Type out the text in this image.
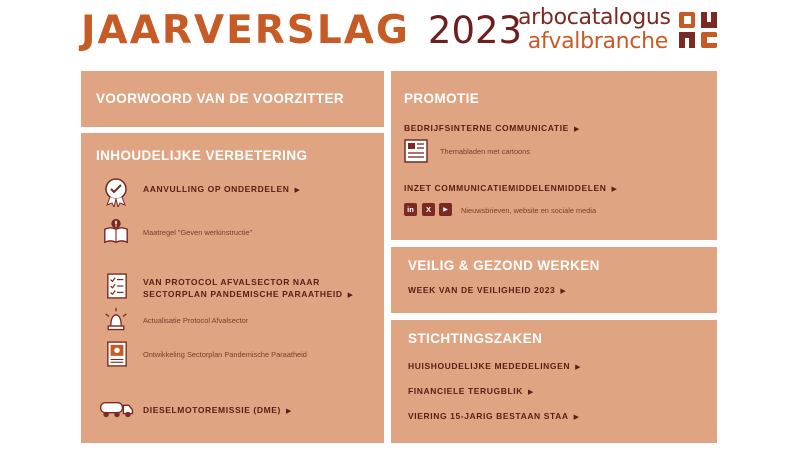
JAARVERSLAG 2023
arbocatalogus
afvalbranche
VOORWOORD VAN DE VOORZITTER
INHOUDELIJKE VERBETERING
AANVULLING OP ONDERDELEN ▶
Maatregel "Geven werkinstructie"
VAN PROTOCOL AFVALSECTOR NAAR
SECTORPLAN PANDEMISCHE PARAATHEID ▶
Actualisatie Protocol Afvalsector
Ontwikkeling Sectorplan Pandemische Paraatheid
DIESELMOTOREMISSIE (DME) ▶
PROMOTIE
BEDRIJFSINTERNE COMMUNICATIE ▶
Themabladen met cartoons
INZET COMMUNICATIEMIDDELENMIDDELEN ▶
in	X	▶	Nieuwsbrieven, website en sociale media
VEILIG & GEZOND WERKEN
WEEK VAN DE VEILIGHEID 2023 ▶
STICHTINGSZAKEN
HUISHOUDELIJKE MEDEDELINGEN ▶
FINANCIELE TERUGBLIK ▶
VIERING 15-JARIG BESTAAN STAA ▶
